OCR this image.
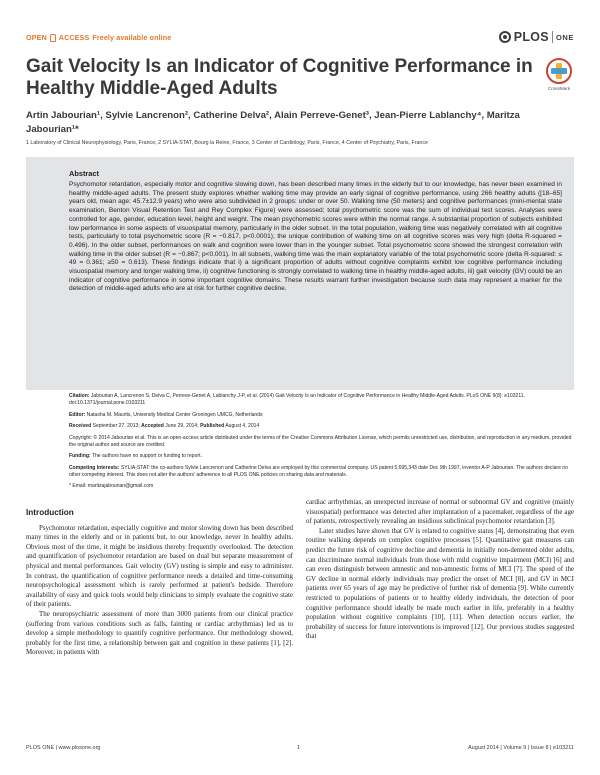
OPEN ACCESS Freely available online	PLOS ONE
Gait Velocity Is an Indicator of Cognitive Performance in Healthy Middle-Aged Adults	CrossMark
Artin Jabourian¹, Sylvie Lancrenon², Catherine Delva², Alain Perreve-Genet³, Jean-Pierre Lablanchy⁴, Maritza Jabourian¹*
1 Laboratory of Clinical Neurophysiology, Paris, France, 2 SYLIA-STAT, Bourg la Reine, France, 3 Center of Cardiology, Paris, France, 4 Center of Psychiatry, Paris, France
Abstract

Psychomotor retardation, especially motor and cognitive slowing down, has been described many times in the elderly but to our knowledge, has never been examined in healthy middle-aged adults. The present study explores whether walking time may provide an early signal of cognitive performance, using 266 healthy adults ([18–65] years old, mean age: 45.7±12.9 years) who were also subdivided in 2 groups: under or over 50. Walking time (50 meters) and cognitive performances (mini-mental state examination, Benton Visual Retention Test and Rey Complex Figure) were assessed; total psychometric score was the sum of individual test scores. Analyses were controlled for age, gender, education level, height and weight. The mean psychometric scores were within the normal range. A substantial proportion of subjects exhibited low performance in some aspects of visuospatial memory, particularly in the older subset. In the total population, walking time was negatively correlated with all cognitive tests, particularly to total psychometric score (R = −0.817, p<0.0001); the unique contribution of walking time on all cognitive scores was very high (delta R-squared = 0.496). In the older subset, performances on walk and cognition were lower than in the younger subset. Total psychometric score showed the strongest correlation with walking time in the older subset (R = −0.867; p<0.001). In all subsets, walking time was the main explanatory variable of the total psychometric score (delta R-squared: ≤ 49 = 0.361; ≥50 = 0.613). These findings indicate that i) a significant proportion of adults without cognitive complaints exhibit low cognitive performance including visuospatial memory and longer walking time, ii) cognitive functioning is strongly correlated to walking time in healthy middle-aged adults, iii) gait velocity (GV) could be an indicator of cognitive performance in some important cognitive domains. These results warrant further investigation because such data may represent a marker for the detection of middle-aged adults who are at risk for further cognitive decline.

Citation: Jabourian A, Lancrenon S, Delva C, Perreve-Genet A, Lablanchy J-P, et al. (2014) Gait Velocity Is an Indicator of Cognitive Performance in Healthy Middle-Aged Adults. PLoS ONE 9(8): e103211. doi:10.1371/journal.pone.0103211
Editor: Natasha M. Maurits, University Medical Center Groningen UMCG, Netherlands
Received September 27, 2013; Accepted June 29, 2014; Published August 4, 2014
Copyright: © 2014 Jabourian et al. This is an open-access article distributed under the terms of the Creative Commons Attribution License, which permits unrestricted use, distribution, and reproduction in any medium, provided the original author and source are credited.
Funding: The authors have no support or funding to report.
Competing Interests: SYLIA-STAT: the co-authors Sylvie Lancrenon and Catherine Delva are employed by this commercial company. US patent 5,695,343 date Dec 9th 1997, inventor A-P Jabourian. The authors declare no other competing interest. This does not alter the authors' adherence to all PLOS ONE policies on sharing data and materials.
* Email: maritzajabourian@gmail.com
Introduction

Psychomotor retardation, especially cognitive and motor slowing down has been described many times in the elderly and or in patients but, to our knowledge, never in healthy adults. Obvious most of the time, it might be insidious thereby frequently overlooked. The detection and quantification of psychomotor retardation are based on dual but separate measurement of physical and mental performances. Gait velocity (GV) testing is simple and easy to administer. In contrast, the quantification of cognitive performance needs a detailed and time-consuming neuropsychological assessment which is rarely performed at patient's bedside. Therefore availability of easy and quick tools would help clinicians to simply evaluate the cognitive state of their patients.

The neuropsychiatric assessment of more than 3000 patients from our clinical practice (suffering from various conditions such as falls, fainting or cardiac arrhythmias) led us to develop a simple methodology to quantify cognitive performance. Our methodology showed, probably for the first time, a relationship between gait and cognition in these patients [1], [2]. Moreover, in patients with

cardiac arrhythmias, an unexpected increase of normal or subnormal GV and cognitive (mainly visuospatial) performance was detected after implantation of a pacemaker, regardless of the age of patients, retrospectively revealing an insidious subclinical psychomotor retardation [3].

Later studies have shown that GV is related to cognitive status [4], demonstrating that even routine walking depends on complex cognitive processes [5]. Quantitative gait measures can predict the future risk of cognitive decline and dementia in initially non-demented older adults, can discriminate normal individuals from those with mild cognitive impairment (MCI) [6] and can even distinguish between amnestic and non-amnestic forms of MCI [7]. The speed of the GV decline in normal elderly individuals may predict the onset of MCI [8], and GV in MCI patients over 65 years of age may be predictive of further risk of dementia [9]. While currently restricted to populations of patients or to healthy elderly individuals, the detection of poor cognitive performance should ideally be made much earlier in life, preferably in a healthy population without cognitive complaints [10], [11]. When detection occurs earlier, the probability of success for future interventions is improved [12]. Our previous studies suggested that

PLOS ONE | www.plosone.org	1	August 2014 | Volume 9 | Issue 8 | e103211
